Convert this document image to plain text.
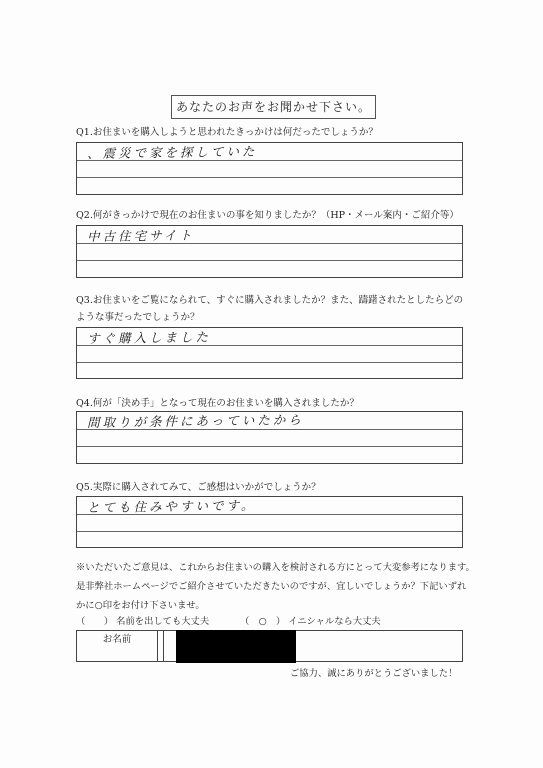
あなたのお声をお聞かせ下さい。
Q1.お住まいを購入しようと思われたきっかけは何だったでしょうか？
、震災で家を探していた
Q2.何がきっかけで現在のお住まいの事を知りましたか？（HP・メール案内・ご紹介等）
中古住宅サイト
Q3.お住まいをご覧になられて、すぐに購入されましたか？また、躊躇されたとしたらどの
ような事だったでしょうか？
すぐ購入しました
Q4.何が「決め手」となって現在のお住まいを購入されましたか？
間取りが条件にあっていたから
Q5.実際に購入されてみて、ご感想はいかがでしょうか？
とても住みやすいです。
※いただいたご意見は、これからお住まいの購入を検討される方にとって大変参考になります。
是非弊社ホームページでご紹介させていただきたいのですが、宜しいでしょうか？下記いずれ
かに○印をお付け下さいませ。
（　　） 名前を出しても大丈夫	（　○　） イニシャルなら大丈夫
お名前
ご協力、誠にありがとうございました！
